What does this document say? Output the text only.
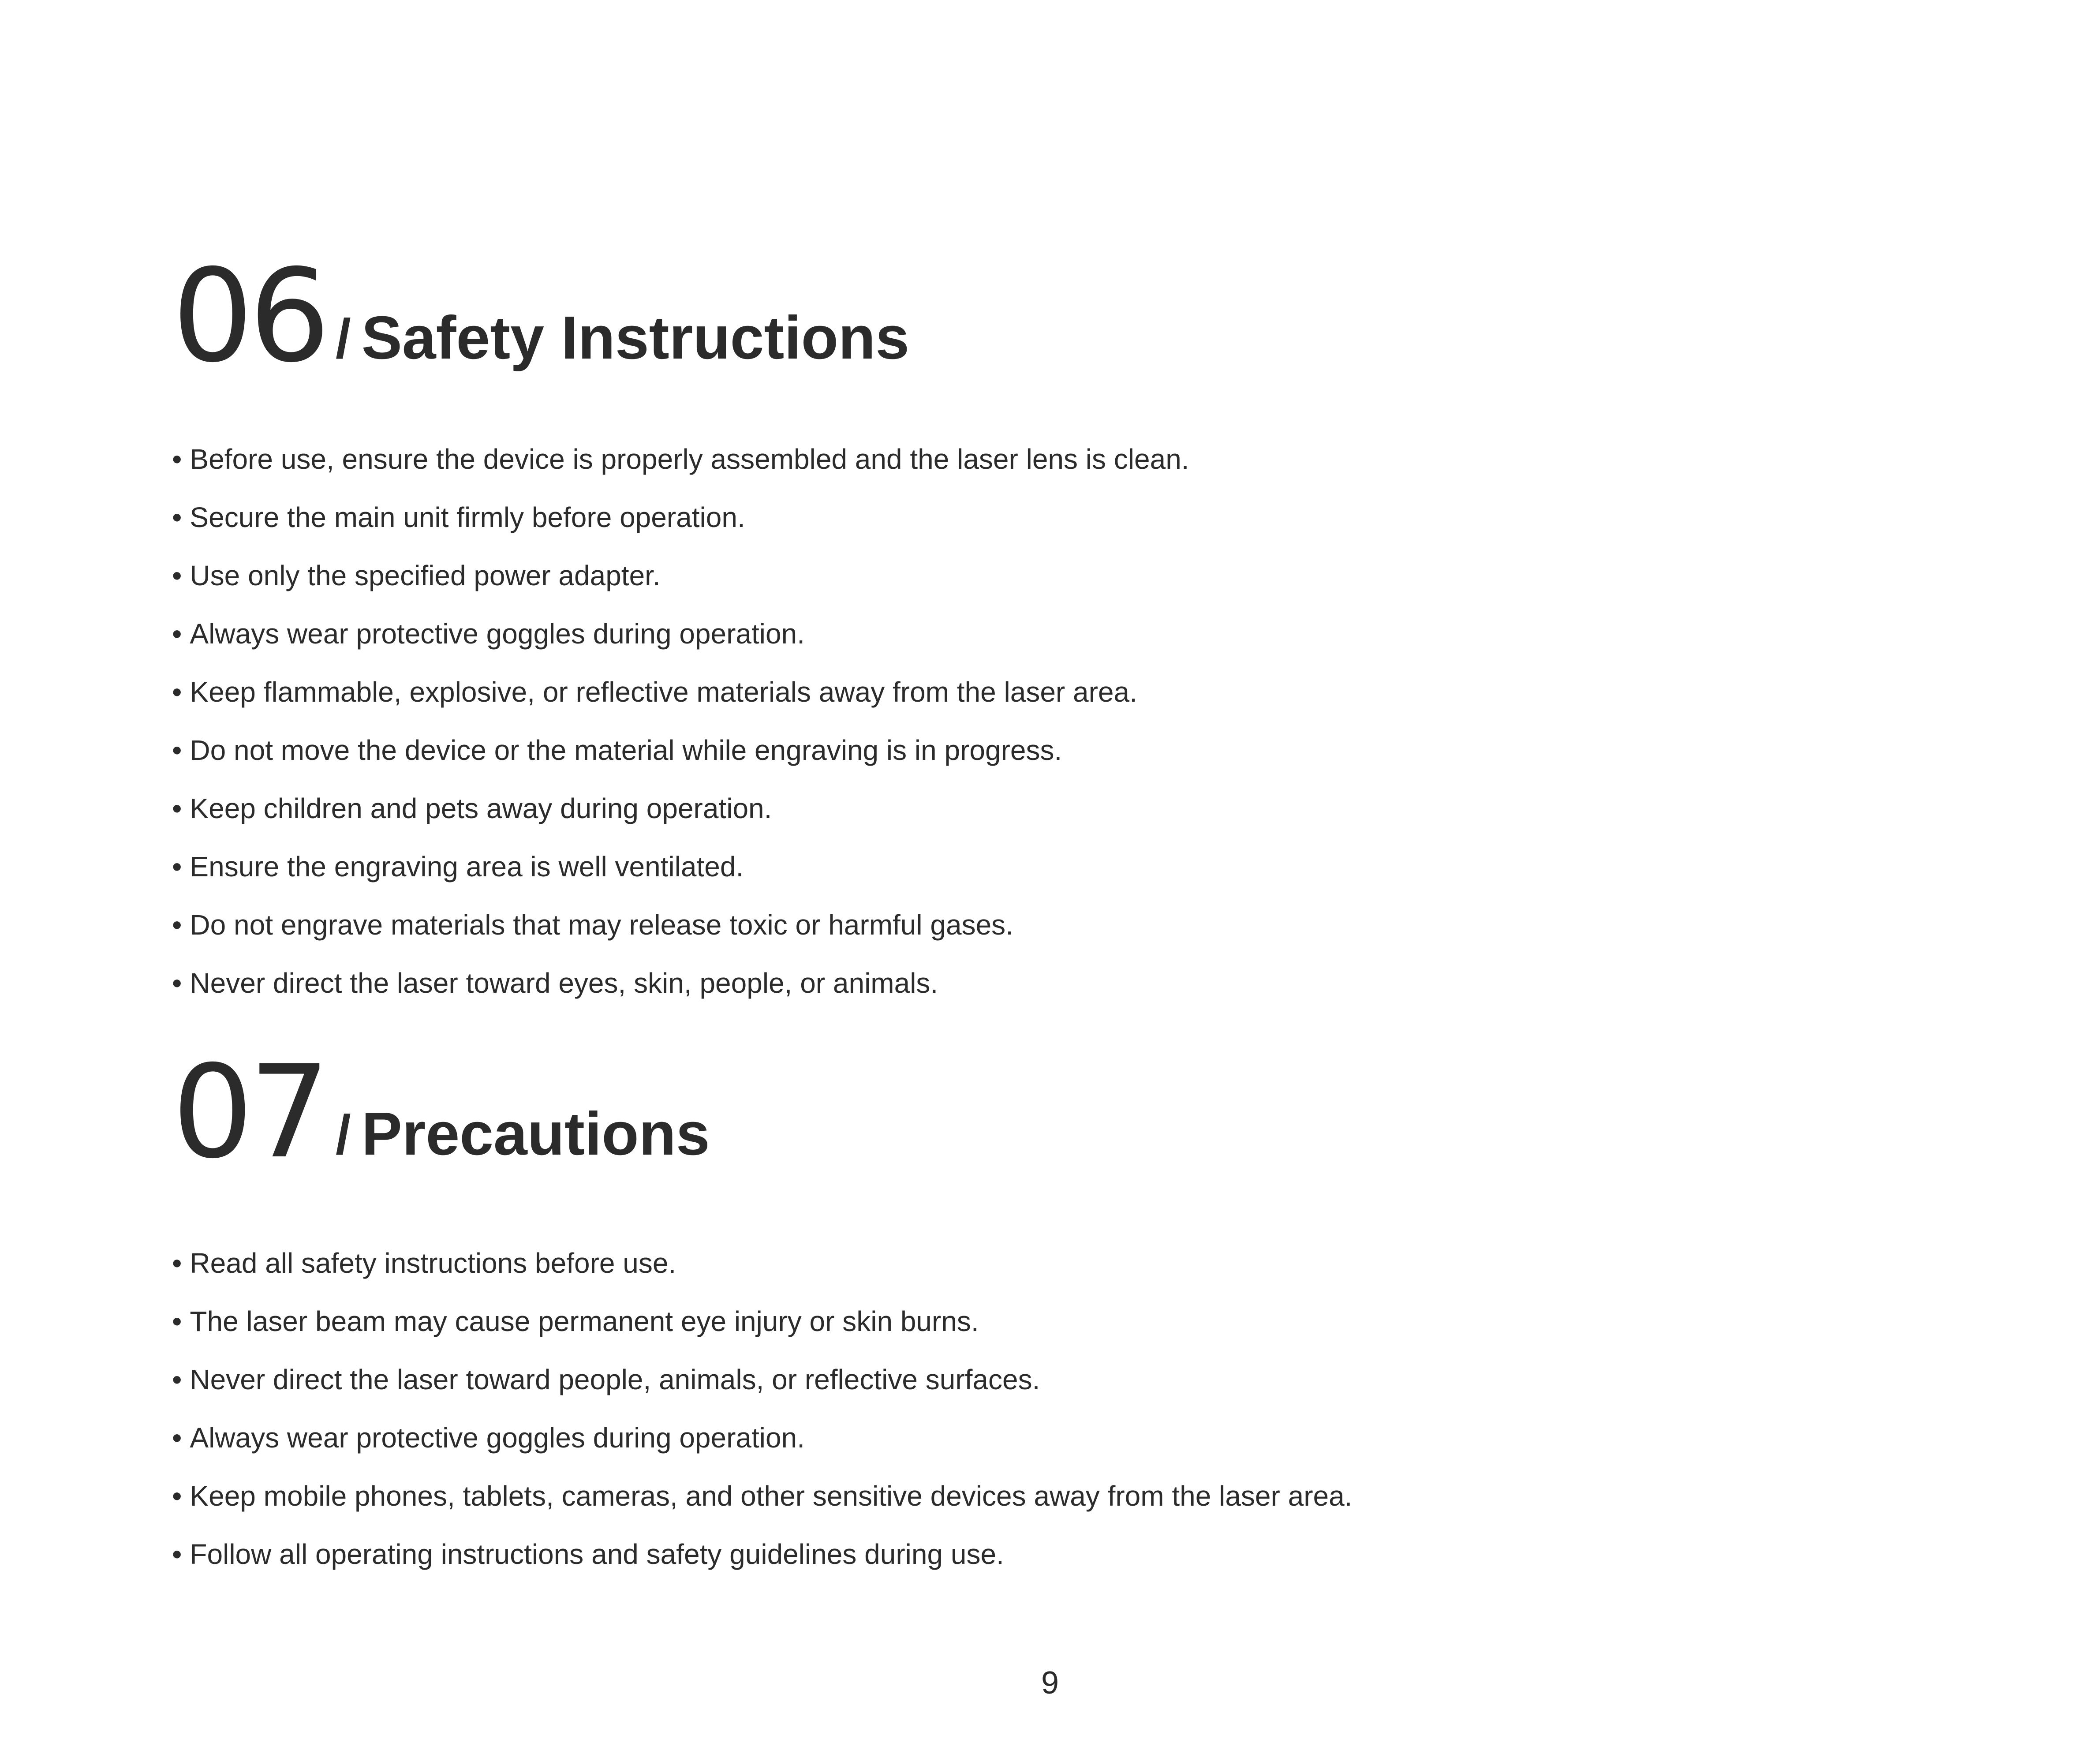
06 / Safety Instructions
• Before use, ensure the device is properly assembled and the laser lens is clean.
• Secure the main unit firmly before operation.
• Use only the specified power adapter.
• Always wear protective goggles during operation.
• Keep flammable, explosive, or reflective materials away from the laser area.
• Do not move the device or the material while engraving is in progress.
• Keep children and pets away during operation.
• Ensure the engraving area is well ventilated.
• Do not engrave materials that may release toxic or harmful gases.
• Never direct the laser toward eyes, skin, people, or animals.
07 / Precautions
• Read all safety instructions before use.
• The laser beam may cause permanent eye injury or skin burns.
• Never direct the laser toward people, animals, or reflective surfaces.
• Always wear protective goggles during operation.
• Keep mobile phones, tablets, cameras, and other sensitive devices away from the laser area.
• Follow all operating instructions and safety guidelines during use.
9
